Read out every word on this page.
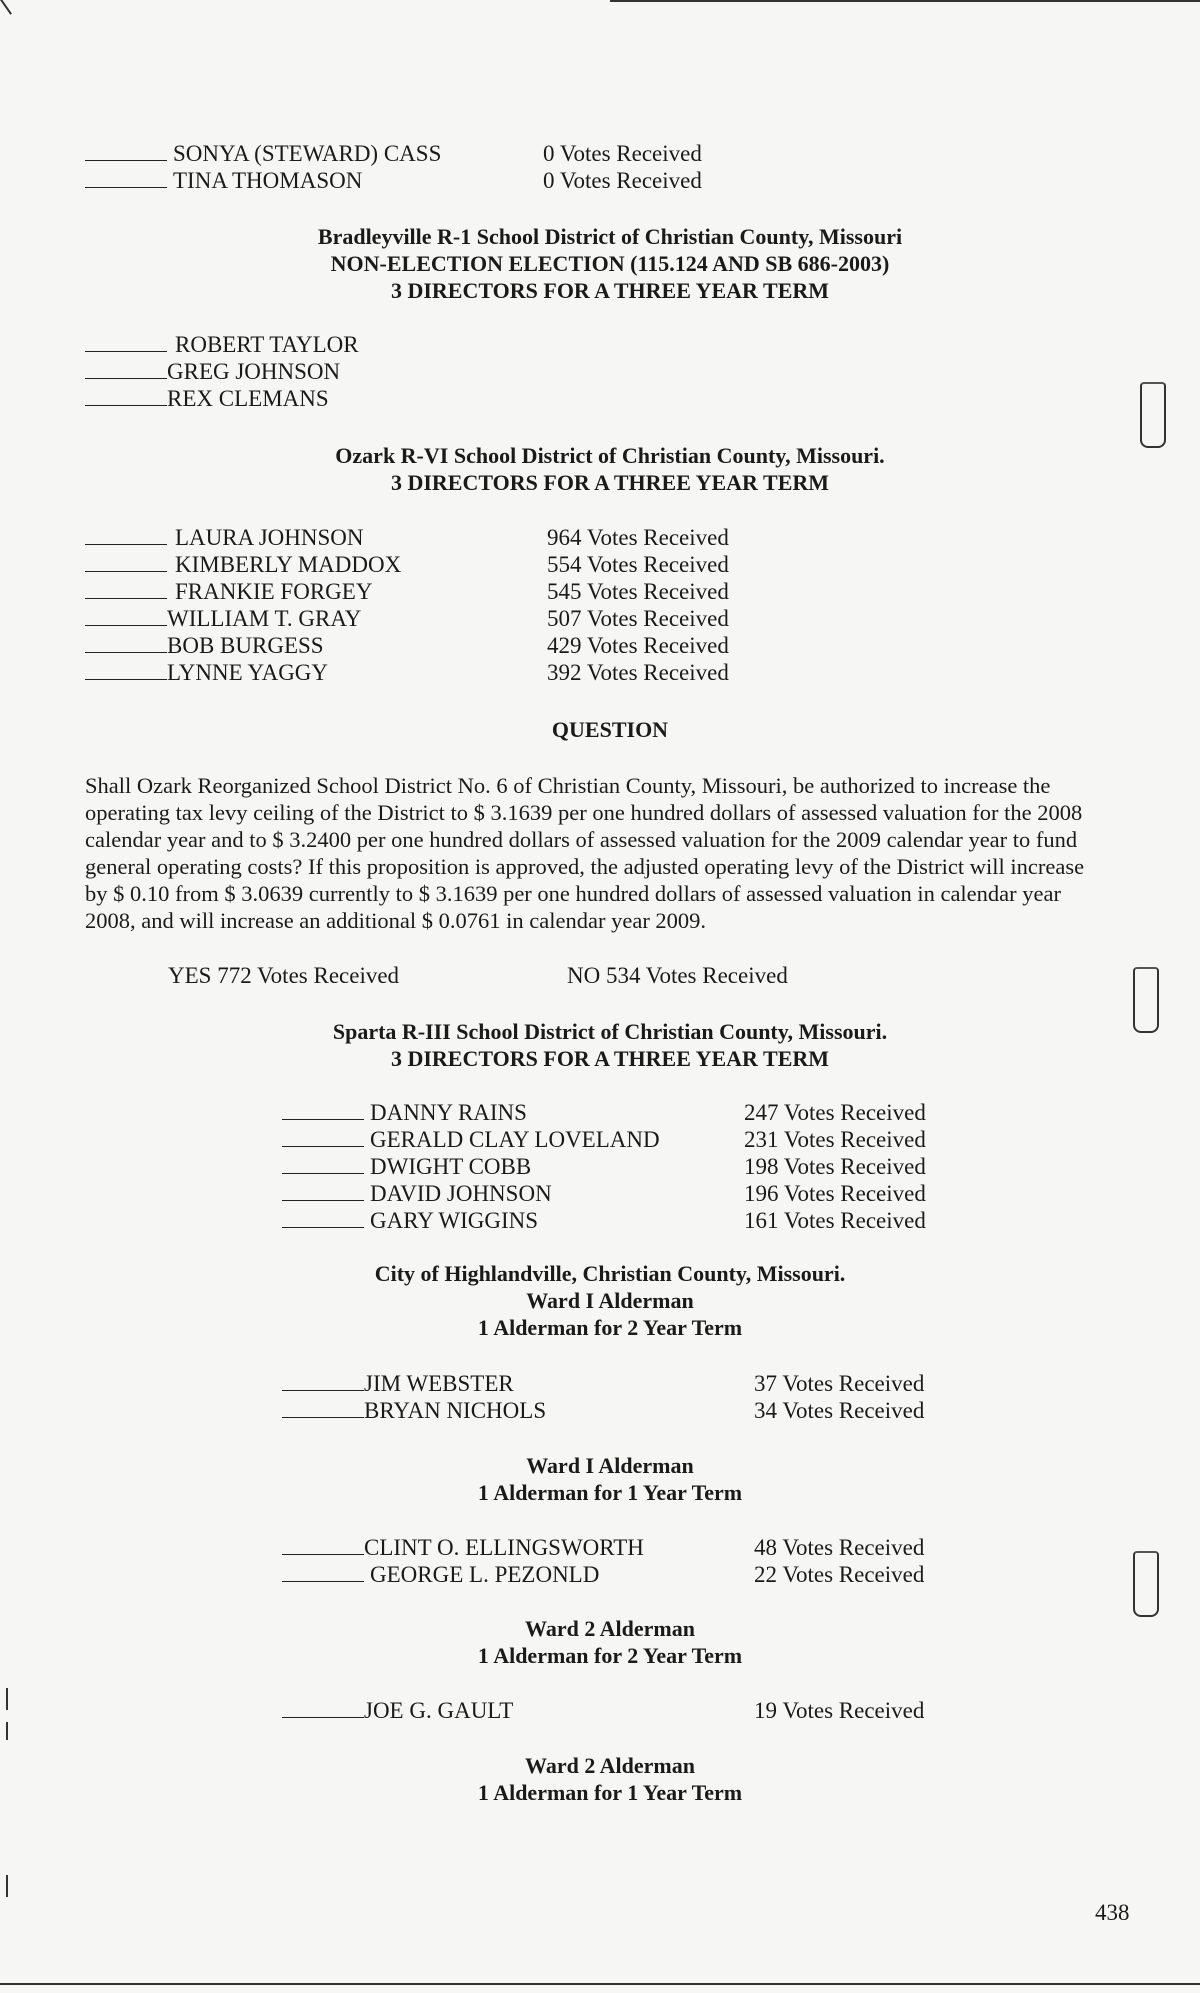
SONYA (STEWARD) CASS	0 Votes Received
TINA THOMASON	0 Votes Received
Bradleyville R-1 School District of Christian County, Missouri
NON-ELECTION ELECTION (115.124 AND SB 686-2003)
3 DIRECTORS FOR A THREE YEAR TERM
ROBERT TAYLOR
GREG JOHNSON
REX CLEMANS
Ozark R-VI School District of Christian County, Missouri.
3 DIRECTORS FOR A THREE YEAR TERM
LAURA JOHNSON	964 Votes Received
KIMBERLY MADDOX	554 Votes Received
FRANKIE FORGEY	545 Votes Received
WILLIAM T. GRAY	507 Votes Received
BOB BURGESS	429 Votes Received
LYNNE YAGGY	392 Votes Received
QUESTION
Shall Ozark Reorganized School District No. 6 of Christian County, Missouri, be authorized to increase the operating tax levy ceiling of the District to $ 3.1639 per one hundred dollars of assessed valuation for the 2008 calendar year and to $ 3.2400 per one hundred dollars of assessed valuation for the 2009 calendar year to fund general operating costs? If this proposition is approved, the adjusted operating levy of the District will increase by $ 0.10 from $ 3.0639 currently to $ 3.1639 per one hundred dollars of assessed valuation in calendar year 2008, and will increase an additional $ 0.0761 in calendar year 2009.
YES 772 Votes Received	NO 534 Votes Received
Sparta R-III School District of Christian County, Missouri.
3 DIRECTORS FOR A THREE YEAR TERM
DANNY RAINS	247 Votes Received
GERALD CLAY LOVELAND	231 Votes Received
DWIGHT COBB	198 Votes Received
DAVID JOHNSON	196 Votes Received
GARY WIGGINS	161 Votes Received
City of Highlandville, Christian County, Missouri.
Ward I Alderman
1 Alderman for 2 Year Term
JIM WEBSTER	37 Votes Received
BRYAN NICHOLS	34 Votes Received
Ward I Alderman
1 Alderman for 1 Year Term
CLINT O. ELLINGSWORTH	48 Votes Received
GEORGE L. PEZONLD	22 Votes Received
Ward 2 Alderman
1 Alderman for 2 Year Term
JOE G. GAULT	19 Votes Received
Ward 2 Alderman
1 Alderman for 1 Year Term
438
